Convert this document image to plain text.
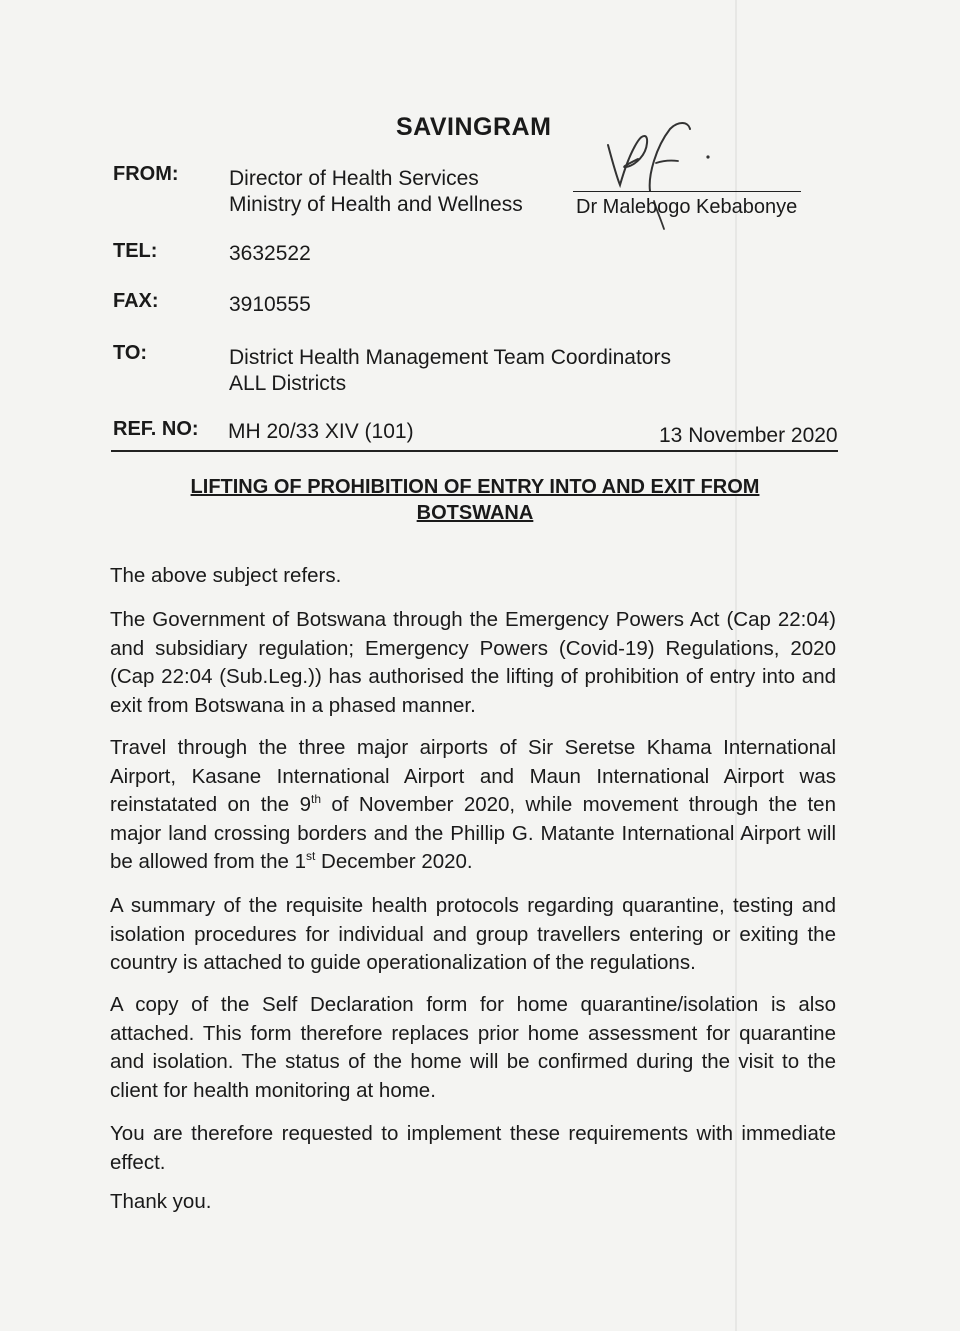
SAVINGRAM
FROM: Director of Health Services
Ministry of Health and Wellness	Dr Malebogo Kebabonye
TEL:	3632522
FAX:	3910555
TO:	District Health Management Team Coordinators
ALL Districts
REF. NO: MH 20/33 XIV (101)	13 November 2020
LIFTING OF PROHIBITION OF ENTRY INTO AND EXIT FROM
BOTSWANA
The above subject refers.
The Government of Botswana through the Emergency Powers Act (Cap 22:04) and subsidiary regulation; Emergency Powers (Covid-19) Regulations, 2020 (Cap 22:04 (Sub.Leg.)) has authorised the lifting of prohibition of entry into and exit from Botswana in a phased manner.
Travel through the three major airports of Sir Seretse Khama International Airport, Kasane International Airport and Maun International Airport was reinstatated on the 9th of November 2020, while movement through the ten major land crossing borders and the Phillip G. Matante International Airport will be allowed from the 1st December 2020.
A summary of the requisite health protocols regarding quarantine, testing and isolation procedures for individual and group travellers entering or exiting the country is attached to guide operationalization of the regulations.
A copy of the Self Declaration form for home quarantine/isolation is also attached. This form therefore replaces prior home assessment for quarantine and isolation. The status of the home will be confirmed during the visit to the client for health monitoring at home.
You are therefore requested to implement these requirements with immediate effect.
Thank you.
